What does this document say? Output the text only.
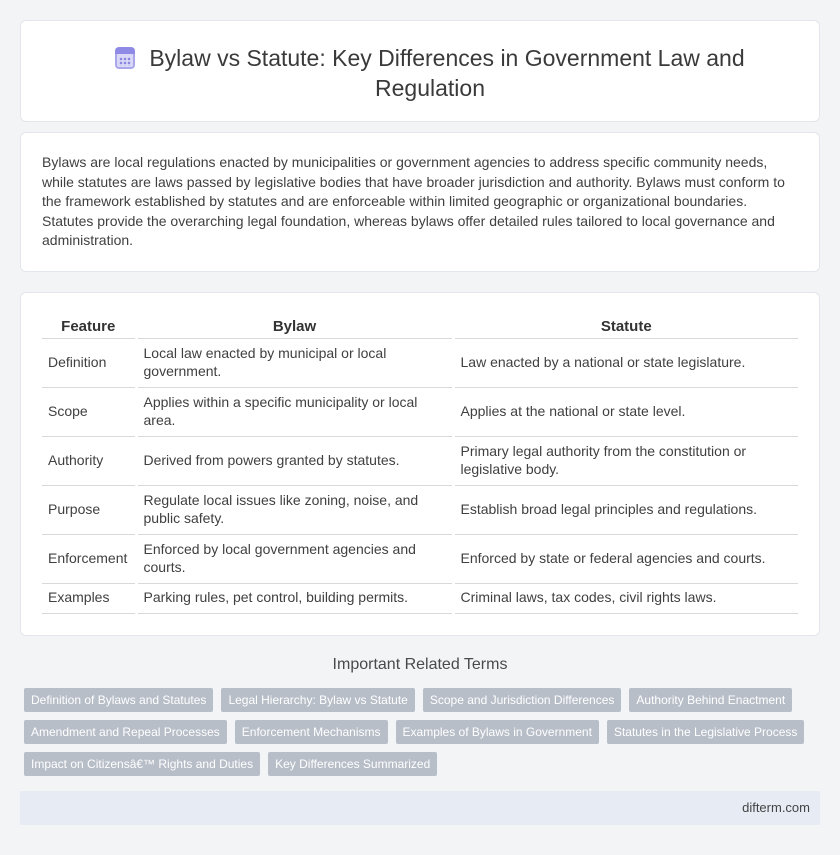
Bylaw vs Statute: Key Differences in Government Law and Regulation

Bylaws are local regulations enacted by municipalities or government agencies to address specific community needs, while statutes are laws passed by legislative bodies that have broader jurisdiction and authority. Bylaws must conform to the framework established by statutes and are enforceable within limited geographic or organizational boundaries. Statutes provide the overarching legal foundation, whereas bylaws offer detailed rules tailored to local governance and administration.

Feature	Bylaw	Statute
Definition	Local law enacted by municipal or local government.	Law enacted by a national or state legislature.
Scope	Applies within a specific municipality or local area.	Applies at the national or state level.
Authority	Derived from powers granted by statutes.	Primary legal authority from the constitution or legislative body.
Purpose	Regulate local issues like zoning, noise, and public safety.	Establish broad legal principles and regulations.
Enforcement	Enforced by local government agencies and courts.	Enforced by state or federal agencies and courts.
Examples	Parking rules, pet control, building permits.	Criminal laws, tax codes, civil rights laws.
Important Related Terms
Definition of Bylaws and Statutes	Legal Hierarchy: Bylaw vs Statute	Scope and Jurisdiction Differences	Authority Behind Enactment
Amendment and Repeal Processes	Enforcement Mechanisms	Examples of Bylaws in Government	Statutes in the Legislative Process
Impact on Citizensâ€™ Rights and Duties	Key Differences Summarized
difterm.com
